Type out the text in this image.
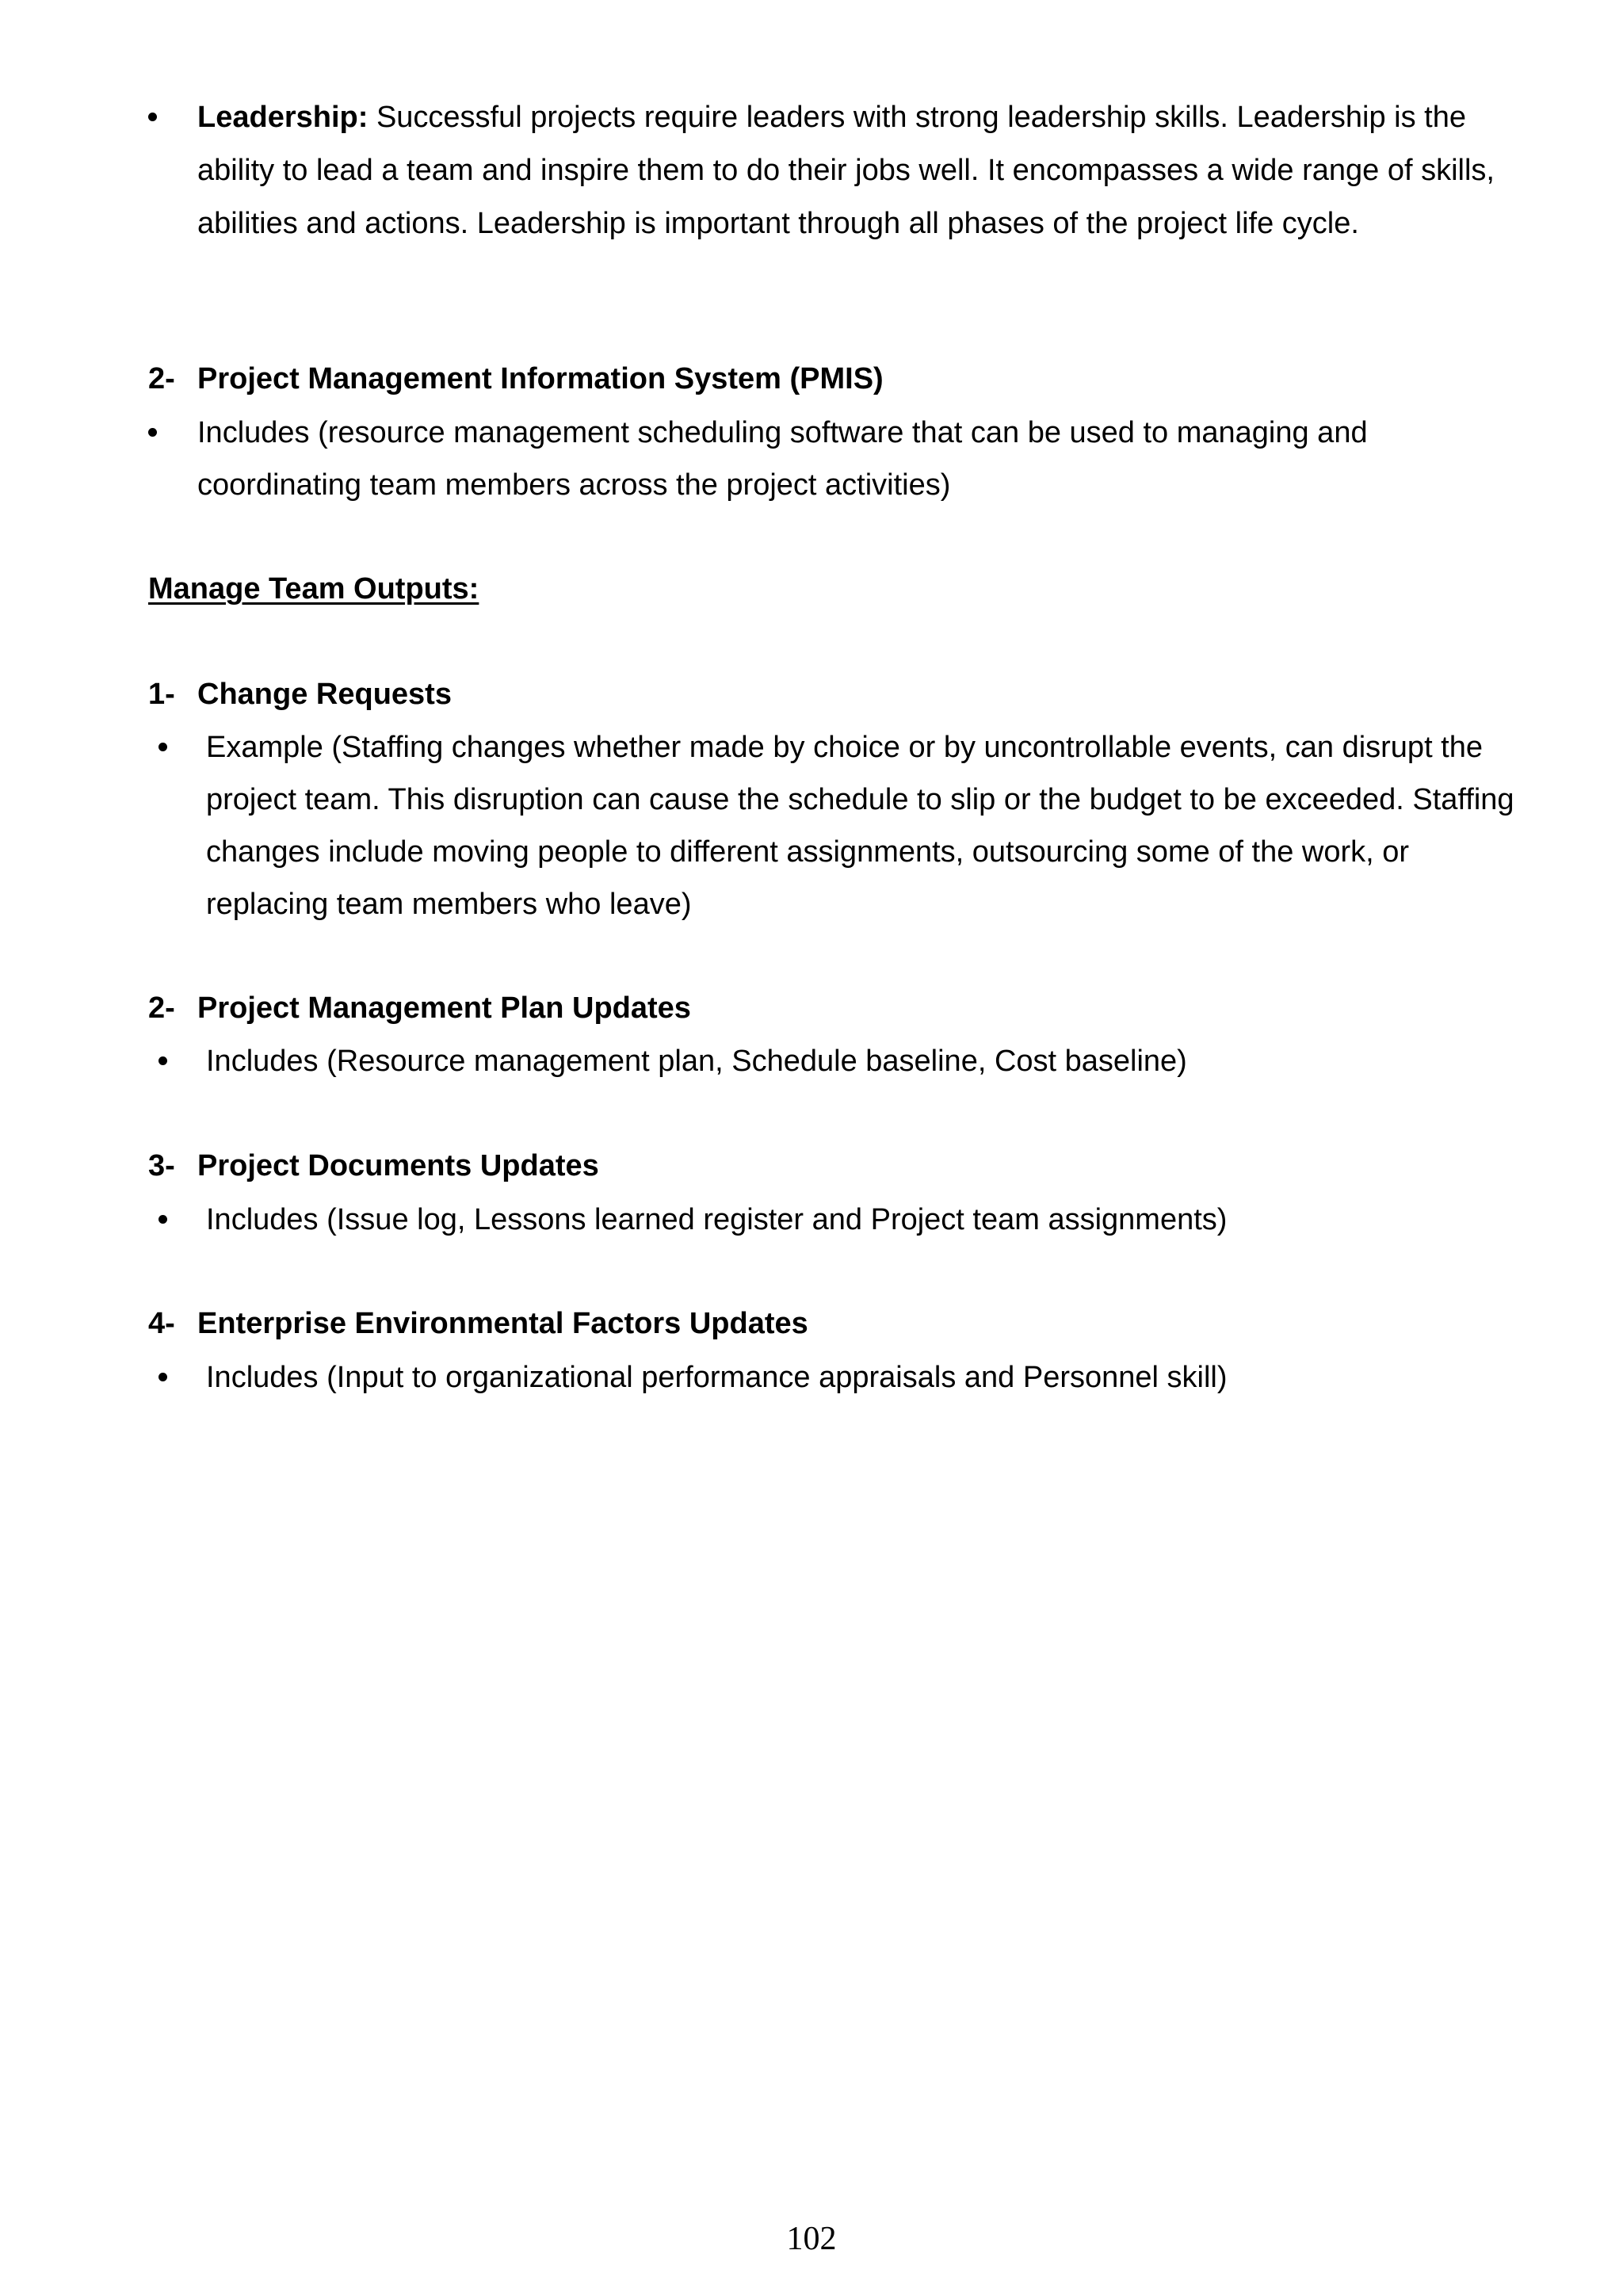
Leadership: Successful projects require leaders with strong leadership skills. Leadership is the
ability to lead a team and inspire them to do their jobs well. It encompasses a wide range of skills,
abilities and actions. Leadership is important through all phases of the project life cycle.
2- Project Management Information System (PMIS)
Includes (resource management scheduling software that can be used to managing and
coordinating team members across the project activities)
Manage Team Outputs:
1- Change Requests
Example (Staffing changes whether made by choice or by uncontrollable events, can disrupt the
project team. This disruption can cause the schedule to slip or the budget to be exceeded. Staffing
changes include moving people to different assignments, outsourcing some of the work, or
replacing team members who leave)
2- Project Management Plan Updates
Includes (Resource management plan, Schedule baseline, Cost baseline)
3- Project Documents Updates
Includes (Issue log, Lessons learned register and Project team assignments)
4- Enterprise Environmental Factors Updates
Includes (Input to organizational performance appraisals and Personnel skill)
102
